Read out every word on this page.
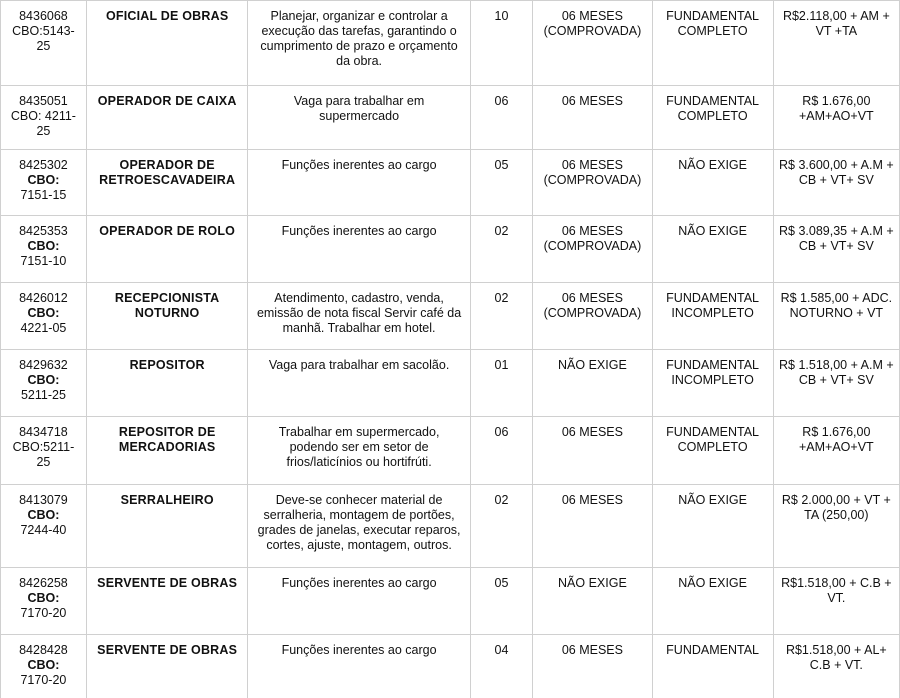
8436068
CBO:5143-
25	OFICIAL DE OBRAS	Planejar, organizar e controlar a execução das tarefas, garantindo o cumprimento de prazo e orçamento da obra.	10	06 MESES (COMPROVADA)	FUNDAMENTAL COMPLETO	R$2.118,00 + AM + VT +TA

8435051
CBO: 4211-
25	OPERADOR DE CAIXA	Vaga para trabalhar em supermercado	06	06 MESES	FUNDAMENTAL COMPLETO	R$ 1.676,00 +AM+AO+VT

8425302
CBO:
7151-15	OPERADOR DE RETROESCAVADEIRA	Funções inerentes ao cargo	05	06 MESES (COMPROVADA)	NÃO EXIGE	R$ 3.600,00 + A.M + CB + VT+ SV

8425353
CBO:
7151-10	OPERADOR DE ROLO	Funções inerentes ao cargo	02	06 MESES (COMPROVADA)	NÃO EXIGE	R$ 3.089,35 + A.M + CB + VT+ SV

8426012
CBO:
4221-05	RECEPCIONISTA NOTURNO	Atendimento, cadastro, venda, emissão de nota fiscal Servir café da manhã. Trabalhar em hotel.	02	06 MESES (COMPROVADA)	FUNDAMENTAL INCOMPLETO	R$ 1.585,00 + ADC. NOTURNO + VT

8429632
CBO:
5211-25	REPOSITOR	Vaga para trabalhar em sacolão.	01	NÃO EXIGE	FUNDAMENTAL INCOMPLETO	R$ 1.518,00 + A.M + CB + VT+ SV

8434718
CBO:5211-
25	REPOSITOR DE MERCADORIAS	Trabalhar em supermercado, podendo ser em setor de frios/laticínios ou hortifrúti.	06	06 MESES	FUNDAMENTAL COMPLETO	R$ 1.676,00 +AM+AO+VT

8413079
CBO:
7244-40	SERRALHEIRO	Deve-se conhecer material de serralheria, montagem de portões, grades de janelas, executar reparos, cortes, ajuste, montagem, outros.	02	06 MESES	NÃO EXIGE	R$ 2.000,00 + VT + TA (250,00)

8426258
CBO:
7170-20	SERVENTE DE OBRAS	Funções inerentes ao cargo	05	NÃO EXIGE	NÃO EXIGE	R$1.518,00 + C.B + VT.

8428428
CBO:
7170-20	SERVENTE DE OBRAS	Funções inerentes ao cargo	04	06 MESES	FUNDAMENTAL	R$1.518,00 + AL+ C.B + VT.
